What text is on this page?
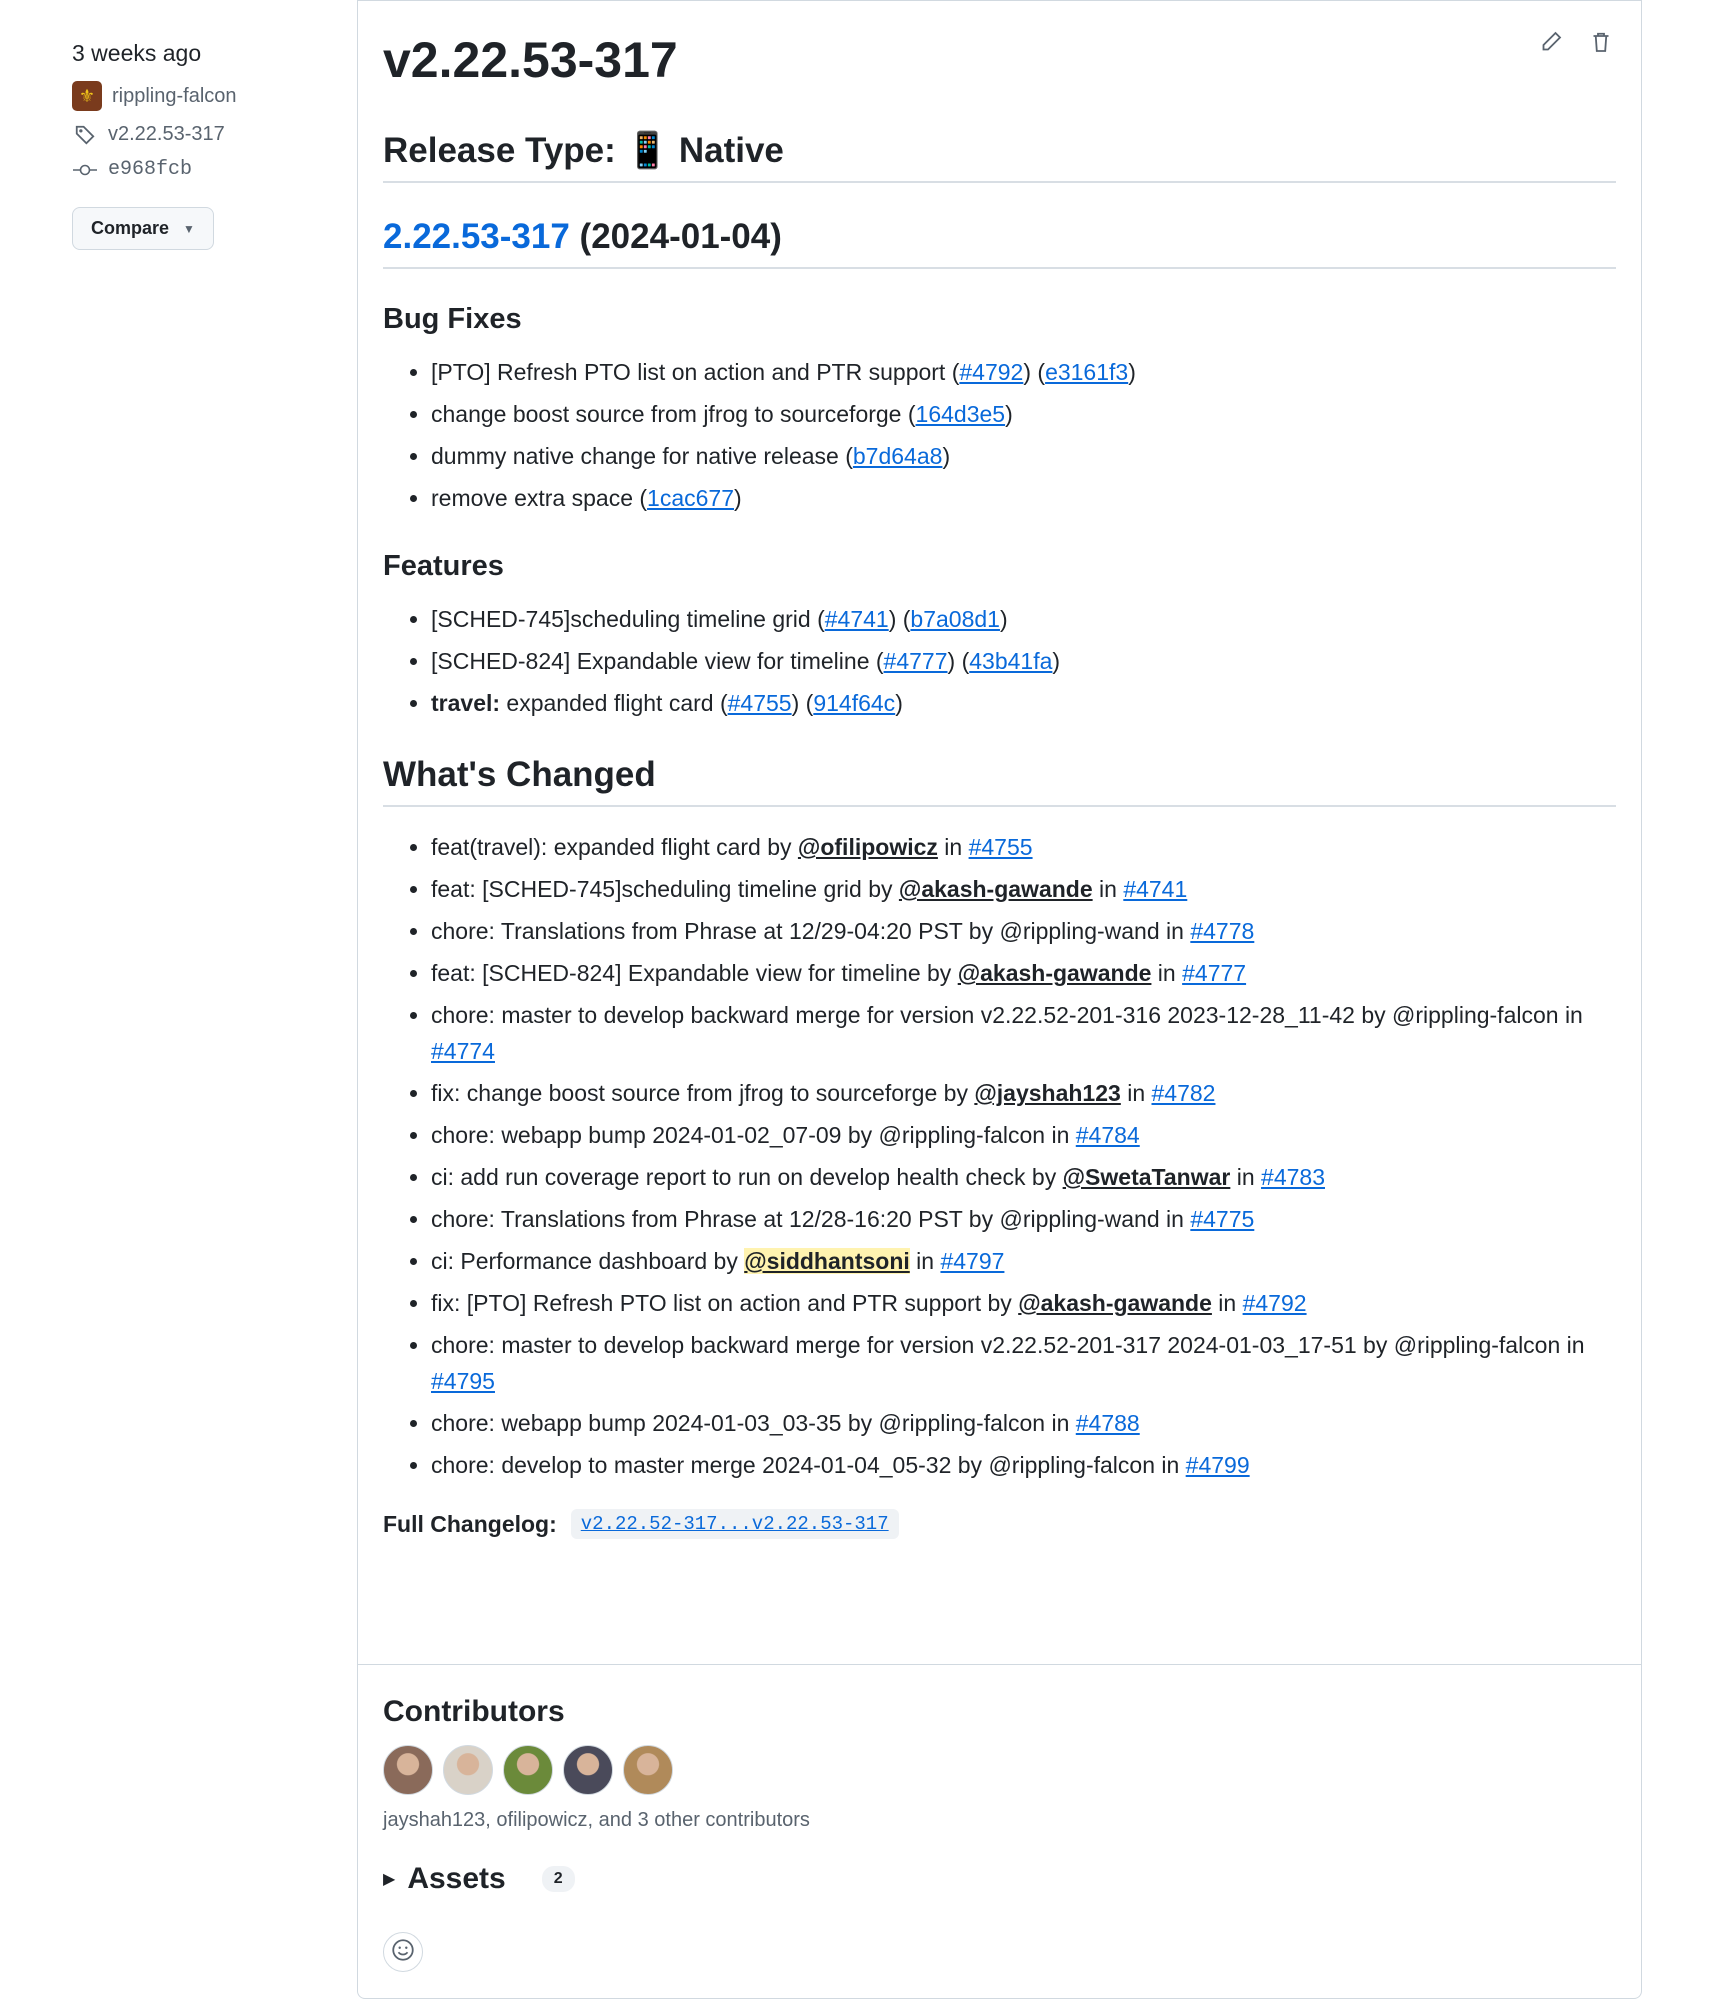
3 weeks ago
⚜ rippling-falcon
v2.22.53-317
e968fcb
Compare ▼
v2.22.53-317
Release Type: 📱 Native
2.22.53-317 (2024-01-04)
Bug Fixes
• [PTO] Refresh PTO list on action and PTR support (#4792) (e3161f3)
• change boost source from jfrog to sourceforge (164d3e5)
• dummy native change for native release (b7d64a8)
• remove extra space (1cac677)
Features
• [SCHED-745]scheduling timeline grid (#4741) (b7a08d1)
• [SCHED-824] Expandable view for timeline (#4777) (43b41fa)
• travel: expanded flight card (#4755) (914f64c)
What's Changed
• feat(travel): expanded flight card by @ofilipowicz in #4755
• feat: [SCHED-745]scheduling timeline grid by @akash-gawande in #4741
• chore: Translations from Phrase at 12/29-04:20 PST by @rippling-wand in #4778
• feat: [SCHED-824] Expandable view for timeline by @akash-gawande in #4777
• chore: master to develop backward merge for version v2.22.52-201-316 2023-12-28_11-42 by @rippling-falcon in #4774
• fix: change boost source from jfrog to sourceforge by @jayshah123 in #4782
• chore: webapp bump 2024-01-02_07-09 by @rippling-falcon in #4784
• ci: add run coverage report to run on develop health check by @SwetaTanwar in #4783
• chore: Translations from Phrase at 12/28-16:20 PST by @rippling-wand in #4775
• ci: Performance dashboard by @siddhantsoni in #4797
• fix: [PTO] Refresh PTO list on action and PTR support by @akash-gawande in #4792
• chore: master to develop backward merge for version v2.22.52-201-317 2024-01-03_17-51 by @rippling-falcon in #4795
• chore: webapp bump 2024-01-03_03-35 by @rippling-falcon in #4788
• chore: develop to master merge 2024-01-04_05-32 by @rippling-falcon in #4799
Full Changelog:	v2.22.52-317...v2.22.53-317
Contributors
jayshah123, ofilipowicz, and 3 other contributors
▶ Assets	2
